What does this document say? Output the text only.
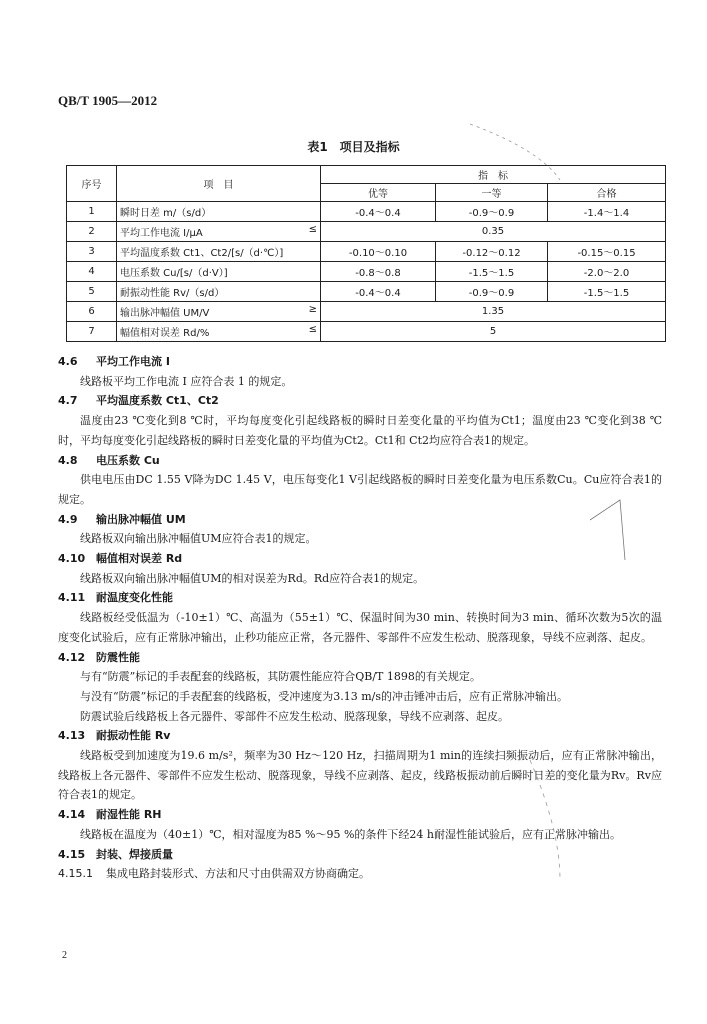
QB/T 1905—2012
表1　项目及指标
序号	项　目	指　标		
		优等	一等	合格
1	瞬时日差 m/（s/d）	-0.4～0.4	-0.9～0.9	-1.4～1.4
2	平均工作电流 I/μA ≤	0.35		
3	平均温度系数 Ct1、Ct2/[s/（d·℃）]	-0.10～0.10	-0.12～0.12	-0.15～0.15
4	电压系数 Cu/[s/（d·V）]	-0.8～0.8	-1.5～1.5	-2.0～2.0
5	耐振动性能 Rv/（s/d）	-0.4～0.4	-0.9～0.9	-1.5～1.5
6	输出脉冲幅值 UM/V ≥	1.35		
7	幅值相对误差 Rd/% ≤	5		

4.6 平均工作电流 I

线路板平均工作电流 I 应符合表 1 的规定。

4.7 平均温度系数 Ct1、Ct2

温度由23 ℃变化到8 ℃时，平均每度变化引起线路板的瞬时日差变化量的平均值为Ct1；温度由23 ℃变化到38 ℃时，平均每度变化引起线路板的瞬时日差变化量的平均值为Ct2。Ct1和 Ct2均应符合表1的规定。

4.8 电压系数 Cu

供电电压由DC 1.55 V降为DC 1.45 V，电压每变化1 V引起线路板的瞬时日差变化量为电压系数Cu。Cu应符合表1的规定。

4.9 输出脉冲幅值 UM

线路板双向输出脉冲幅值UM应符合表1的规定。

4.10 幅值相对误差 Rd

线路板双向输出脉冲幅值UM的相对误差为Rd。Rd应符合表1的规定。

4.11 耐温度变化性能

线路板经受低温为（-10±1）℃、高温为（55±1）℃、保温时间为30 min、转换时间为3 min、循环次数为5次的温度变化试验后，应有正常脉冲输出，止秒功能应正常，各元器件、零部件不应发生松动、脱落现象，导线不应剥落、起皮。

4.12 防震性能

与有“防震”标记的手表配套的线路板，其防震性能应符合QB/T 1898的有关规定。

与没有“防震”标记的手表配套的线路板，受冲速度为3.13 m/s的冲击锤冲击后，应有正常脉冲输出。

防震试验后线路板上各元器件、零部件不应发生松动、脱落现象，导线不应剥落、起皮。

4.13 耐振动性能 Rv

线路板受到加速度为19.6 m/s²，频率为30 Hz～120 Hz，扫描周期为1 min的连续扫频振动后，应有正常脉冲输出，线路板上各元器件、零部件不应发生松动、脱落现象，导线不应剥落、起皮，线路板振动前后瞬时日差的变化量为Rv。Rv应符合表1的规定。

4.14 耐湿性能 RH

线路板在温度为（40±1）℃，相对湿度为85 %～95 %的条件下经24 h耐湿性能试验后，应有正常脉冲输出。

4.15 封装、焊接质量

4.15.1 集成电路封装形式、方法和尺寸由供需双方协商确定。

2
